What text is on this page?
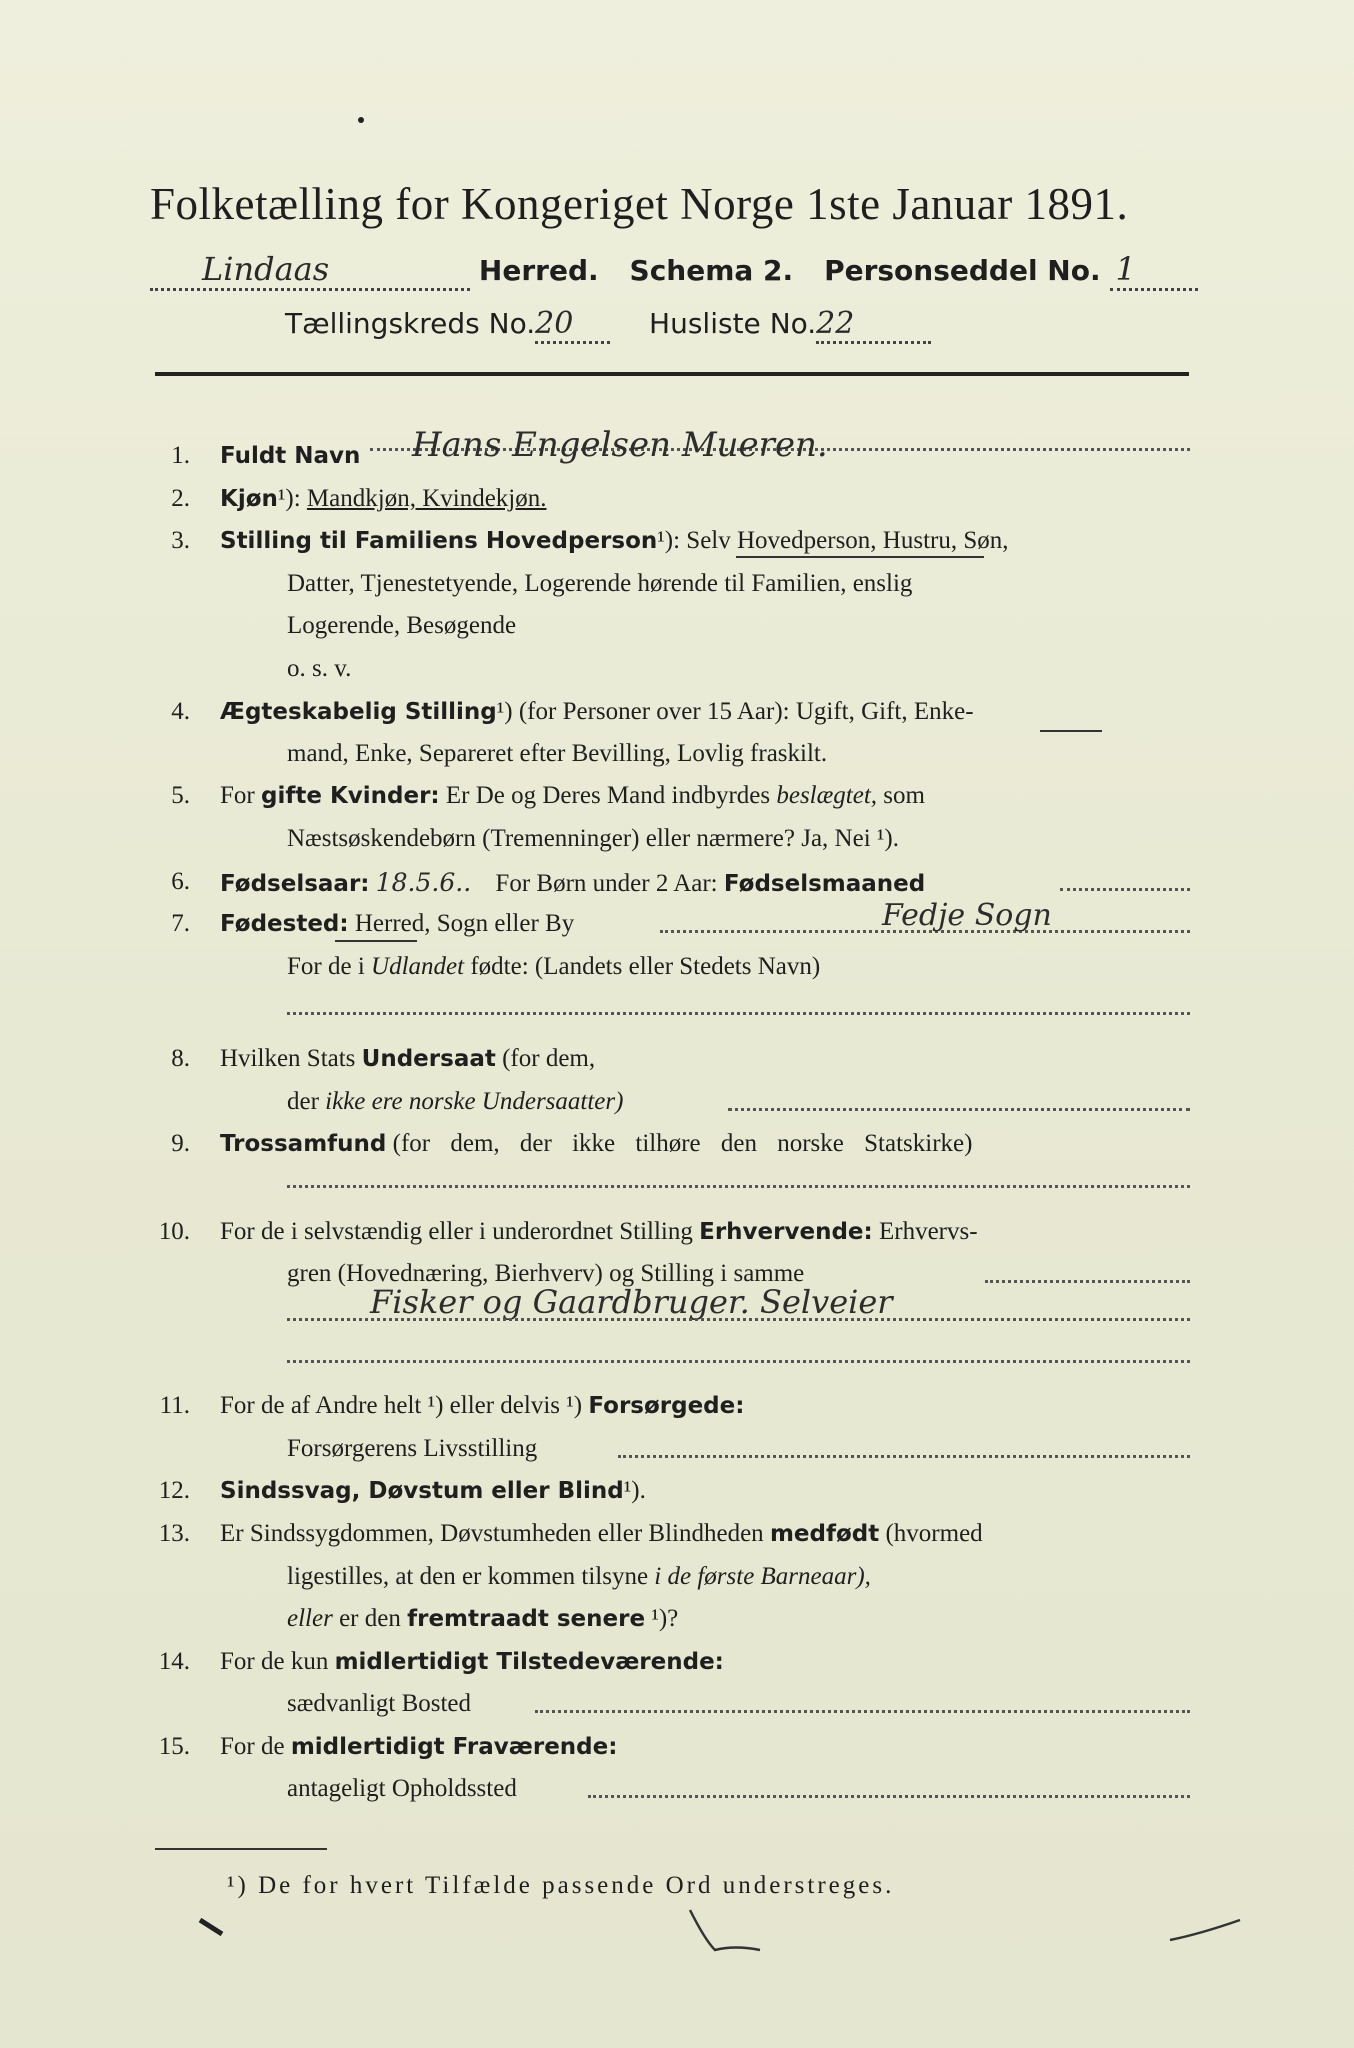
Folketælling for Kongeriget Norge 1ste Januar 1891.
Lindaas	Herred. Schema 2. Personseddel No. 1
Tællingskreds No.20	Husliste No.22
1. Fuldt Navn Hans Engelsen Mueren.
2. Kjøn¹): Mandkjøn, Kvindekjøn.
3. Stilling til Familiens Hovedperson¹): Selv Hovedperson, Hustru, Søn,
Datter, Tjenestetyende, Logerende hørende til Familien, enslig
Logerende, Besøgende
o. s. v.
4. Ægteskabelig Stilling¹) (for Personer over 15 Aar): Ugift, Gift, Enke-
mand, Enke, Separeret efter Bevilling, Lovlig fraskilt.
5. For gifte Kvinder: Er De og Deres Mand indbyrdes beslægtet, som
Næstsøskendebørn (Tremenninger) eller nærmere? Ja, Nei ¹).
6. Fødselsaar: 18.5.6.. For Børn under 2 Aar: Fødselsmaaned
7. Fødested: Herred, Sogn eller By	Fedje Sogn
For de i Udlandet fødte: (Landets eller Stedets Navn)
8. Hvilken Stats Undersaat (for dem,
der ikke ere norske Undersaatter)
9. Trossamfund (for dem, der ikke tilhøre den norske Statskirke)
10. For de i selvstændig eller i underordnet Stilling Erhvervende: Erhvervs-
gren (Hovednæring, Bierhverv) og Stilling i samme
Fisker og Gaardbruger. Selveier
11. For de af Andre helt ¹) eller delvis ¹) Forsørgede:
Forsørgerens Livsstilling
12. Sindssvag, Døvstum eller Blind¹).
13. Er Sindssygdommen, Døvstumheden eller Blindheden medfødt (hvormed
ligestilles, at den er kommen tilsyne i de første Barneaar),
eller er den fremtraadt senere ¹)?
14. For de kun midlertidigt Tilstedeværende:
sædvanligt Bosted
15. For de midlertidigt Fraværende:
antageligt Opholdssted
¹) De for hvert Tilfælde passende Ord understreges.
